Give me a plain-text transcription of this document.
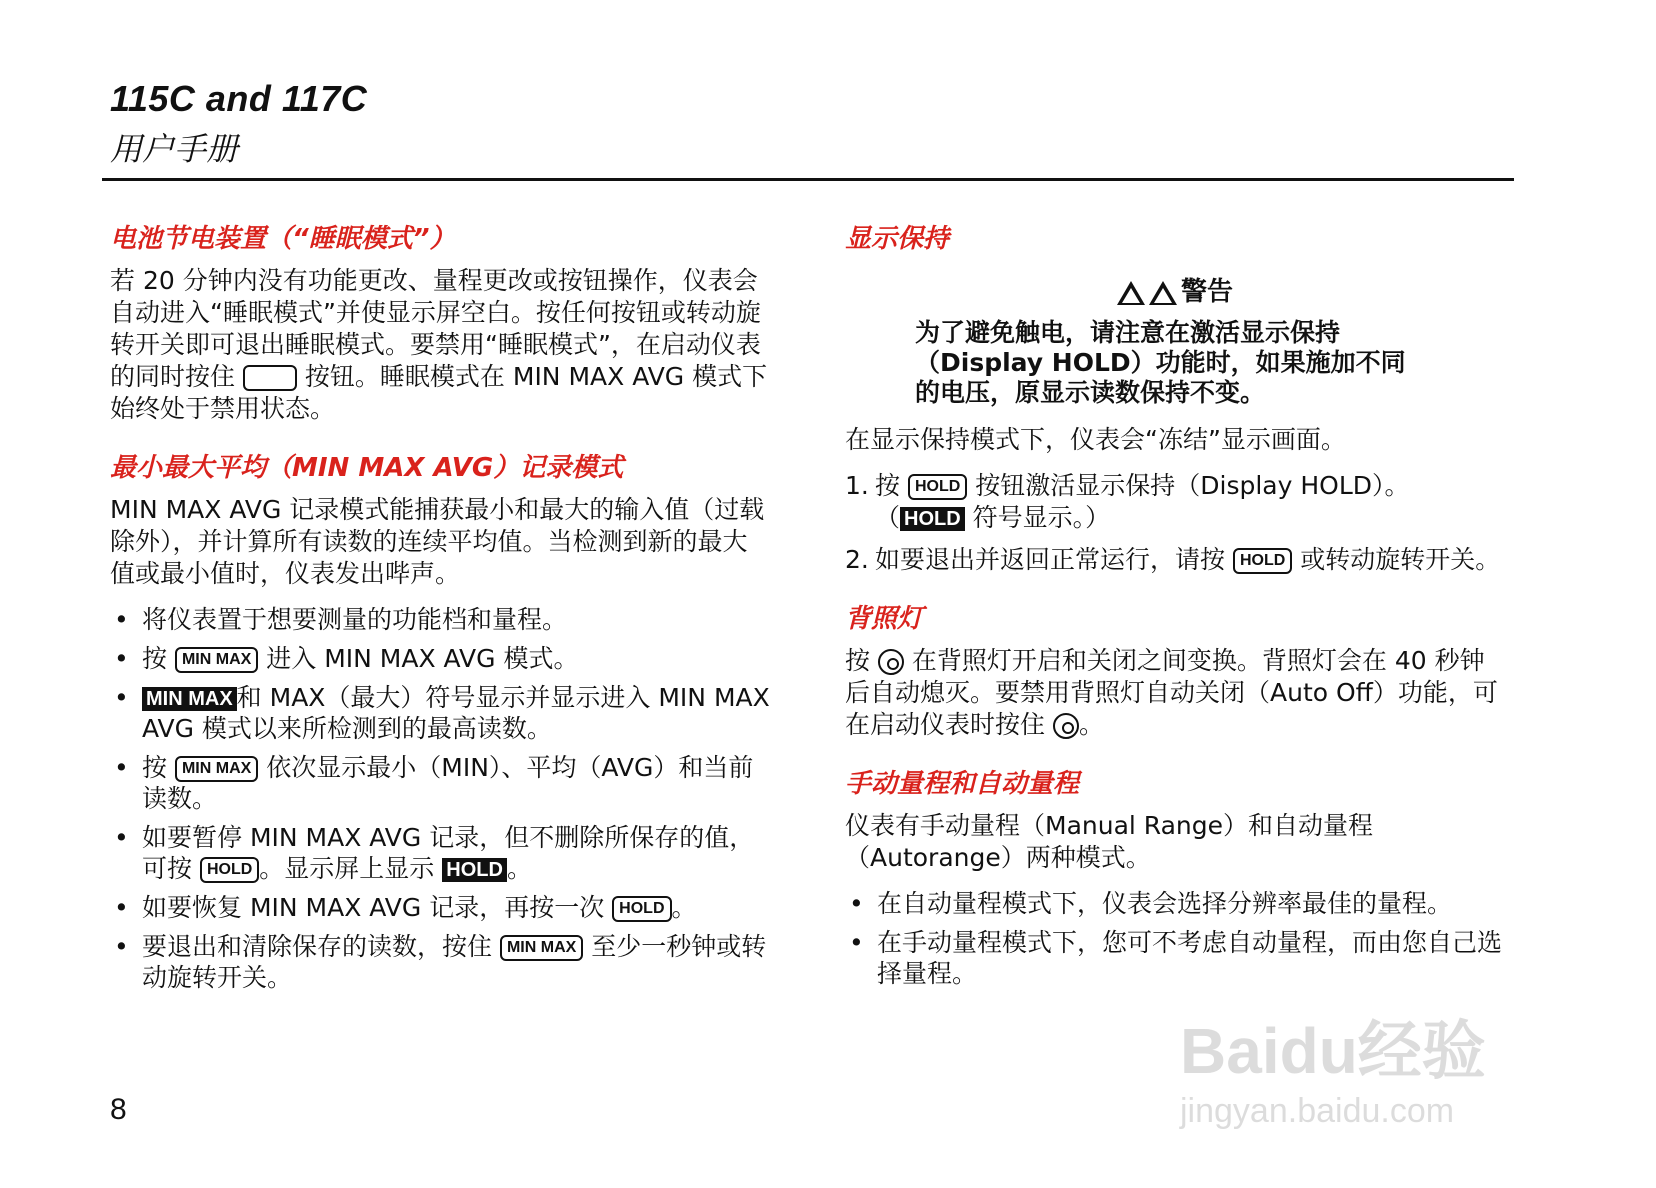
115C and 117C
用户手册
电池节电装置（“睡眠模式”）

若 20 分钟内没有功能更改、量程更改或按钮操作，仪表会自动进入“睡眠模式”并使显示屏空白。按任何按钮或转动旋转开关即可退出睡眠模式。要禁用“睡眠模式”，在启动仪表的同时按住	按钮。睡眠模式在 MIN MAX AVG 模式下始终处于禁用状态。

最小最大平均（MIN MAX AVG）记录模式

MIN MAX AVG 记录模式能捕获最小和最大的输入值（过载除外），并计算所有读数的连续平均值。当检测到新的最大值或最小值时，仪表发出哔声。

• 将仪表置于想要测量的功能档和量程。
• 按 MIN MAX 进入 MIN MAX AVG 模式。
• MIN MAX 和 MAX（最大）符号显示并显示进入 MIN MAX AVG 模式以来所检测到的最高读数。
• 按 MIN MAX 依次显示最小（MIN）、平均（AVG）和当前读数。
• 如要暂停 MIN MAX AVG 记录，但不删除所保存的值，可按 HOLD 。显示屏上显示 HOLD 。
• 如要恢复 MIN MAX AVG 记录，再按一次 HOLD 。
• 要退出和清除保存的读数，按住 MIN MAX 至少一秒钟或转动旋转开关。
显示保持
警告
为了避免触电，请注意在激活显示保持（Display HOLD）功能时，如果施加不同的电压，原显示读数保持不变。

在显示保持模式下，仪表会“冻结”显示画面。

1. 按 HOLD 按钮激活显示保持（Display HOLD）。
（ HOLD 符号显示。）
2. 如要退出并返回正常运行，请按 HOLD 或转动旋转开关。
背照灯

按 在背照灯开启和关闭之间变换。背照灯会在 40 秒钟后自动熄灭。要禁用背照灯自动关闭（Auto Off）功能，可在启动仪表时按住 。

手动量程和自动量程

仪表有手动量程（Manual Range）和自动量程（Autorange）两种模式。

• 在自动量程模式下，仪表会选择分辨率最佳的量程。
• 在手动量程模式下，您可不考虑自动量程，而由您自己选择量程。
8
Baidu经验
jingyan.baidu.com
